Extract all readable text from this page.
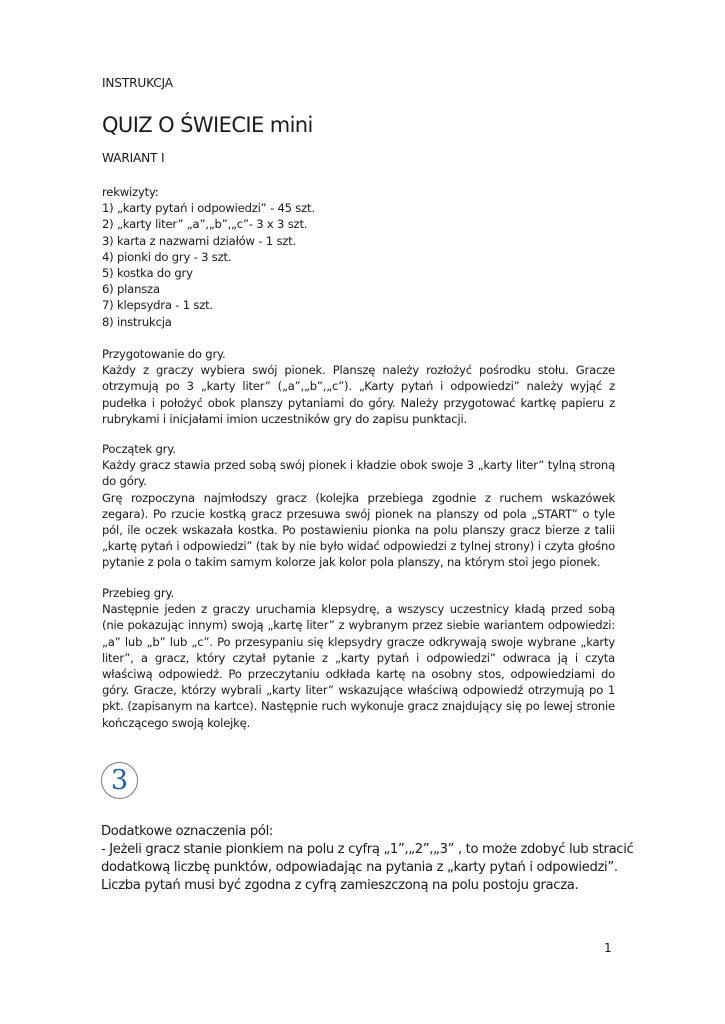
INSTRUKCJA
QUIZ O ŚWIECIE mini
WARIANT I
rekwizyty:
1) „karty pytań i odpowiedzi” - 45 szt.
2) „karty liter” „a”,„b”,„c”- 3 x 3 szt.
3) karta z nazwami działów - 1 szt.
4) pionki do gry - 3 szt.
5) kostka do gry
6) plansza
7) klepsydra - 1 szt.
8) instrukcja
Przygotowanie do gry.
Każdy z graczy wybiera swój pionek. Planszę należy rozłożyć pośrodku stołu. Gracze otrzymują po 3 „karty liter” („a”,„b”,„c”). „Karty pytań i odpowiedzi” należy wyjąć z pudełka i położyć obok planszy pytaniami do góry. Należy przygotować kartkę papieru z rubrykami i inicjałami imion uczestników gry do zapisu punktacji.
Początek gry.
Każdy gracz stawia przed sobą swój pionek i kładzie obok swoje 3 „karty liter” tylną stroną do góry.
Grę rozpoczyna najmłodszy gracz (kolejka przebiega zgodnie z ruchem wskazówek zegara). Po rzucie kostką gracz przesuwa swój pionek na planszy od pola „START” o tyle pól, ile oczek wskazała kostka. Po postawieniu pionka na polu planszy gracz bierze z talii „kartę pytań i odpowiedzi” (tak by nie było widać odpowiedzi z tylnej strony) i czyta głośno pytanie z pola o takim samym kolorze jak kolor pola planszy, na którym stoi jego pionek.
Przebieg gry.
Następnie jeden z graczy uruchamia klepsydrę, a wszyscy uczestnicy kładą przed sobą (nie pokazując innym) swoją „kartę liter” z wybranym przez siebie wariantem odpowiedzi: „a” lub „b” lub „c”. Po przesypaniu się klepsydry gracze odkrywają swoje wybrane „karty liter”, a gracz, który czytał pytanie z „karty pytań i odpowiedzi” odwraca ją i czyta właściwą odpowiedź. Po przeczytaniu odkłada kartę na osobny stos, odpowiedziami do góry. Gracze, którzy wybrali „karty liter” wskazujące właściwą odpowiedź otrzymują po 1 pkt. (zapisanym na kartce). Następnie ruch wykonuje gracz znajdujący się po lewej stronie kończącego swoją kolejkę.
3
Dodatkowe oznaczenia pól:
- Jeżeli gracz stanie pionkiem na polu z cyfrą „1”,„2”,„3” , to może zdobyć lub stracić
dodatkową liczbę punktów, odpowiadając na pytania z „karty pytań i odpowiedzi”.
Liczba pytań musi być zgodna z cyfrą zamieszczoną na polu postoju gracza.
1
